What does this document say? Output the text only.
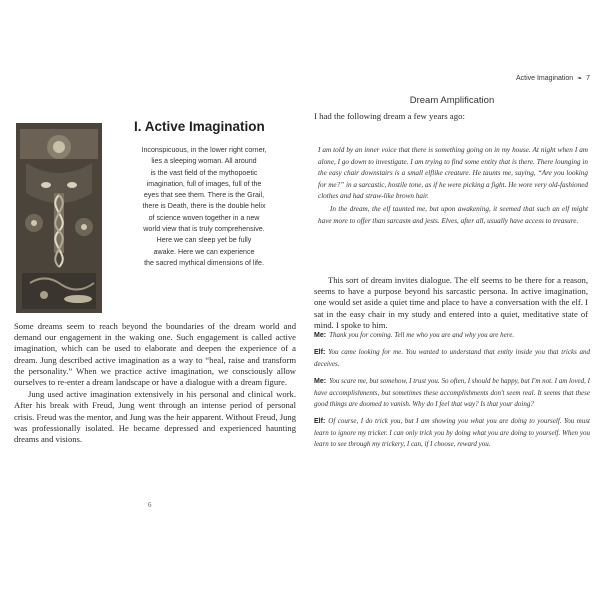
I. Active Imagination
Inconspicuous, in the lower right corner,
lies a sleeping woman. All around
is the vast field of the mythopoetic
imagination, full of images, full of the
eyes that see them. There is the Grail,
there is Death, there is the double helix
of science woven together in a new
world view that is truly comprehensive.
Here we can sleep yet be fully
awake. Here we can experience
the sacred mythical dimensions of life.

Some dreams seem to reach beyond the boundaries of the dream world and demand our engagement in the waking one. Such engagement is called active imagination, which can be used to elaborate and deepen the experience of a dream. Jung described active imagination as a way to “heal, raise and transform the personality.” When we practice active imagination, we consciously allow ourselves to re-enter a dream landscape or have a dialogue with a dream figure.

Jung used active imagination extensively in his personal and clinical work. After his break with Freud, Jung went through an intense period of personal crisis. Freud was the mentor, and Jung was the heir apparent. Without Freud, Jung was professionally isolated. He became depressed and experienced haunting dreams and visions.

6
Active Imagination ❧ 7
Dream Amplification
I had the following dream a few years ago:

I am told by an inner voice that there is something going on in my house. At night when I am alone, I go down to investigate. I am trying to find some entity that is there. There lounging in the easy chair downstairs is a small elflike creature. He taunts me, saying, “Are you looking for me?” in a sarcastic, hostile tone, as if he were picking a fight. He wore very old-fashioned clothes and had straw-like brown hair.

In the dream, the elf taunted me, but upon awakening, it seemed that such an elf might have more to offer than sarcasm and jests. Elves, after all, usually have access to treasure.

This sort of dream invites dialogue. The elf seems to be there for a reason, seems to have a purpose beyond his sarcastic persona. In active imagination, one would set aside a quiet time and place to have a conversation with the elf. I sat in the easy chair in my study and entered into a quiet, meditative state of mind. I spoke to him.

Me: Thank you for coming. Tell me who you are and why you are here.

Elf: You came looking for me. You wanted to understand that entity inside you that tricks and deceives.

Me: You scare me, but somehow, I trust you. So often, I should be happy, but I'm not. I am loved, I have accomplishments, but sometimes these accomplishments don't seem real. It seems that these good things are doomed to vanish. Why do I feel that way? Is that your doing?

Elf: Of course, I do trick you, but I am showing you what you are doing to yourself. You must learn to ignore my tricker. I can only trick you by doing what you are doing to yourself. When you learn to see through my trickery, I can, if I choose, reward you.
